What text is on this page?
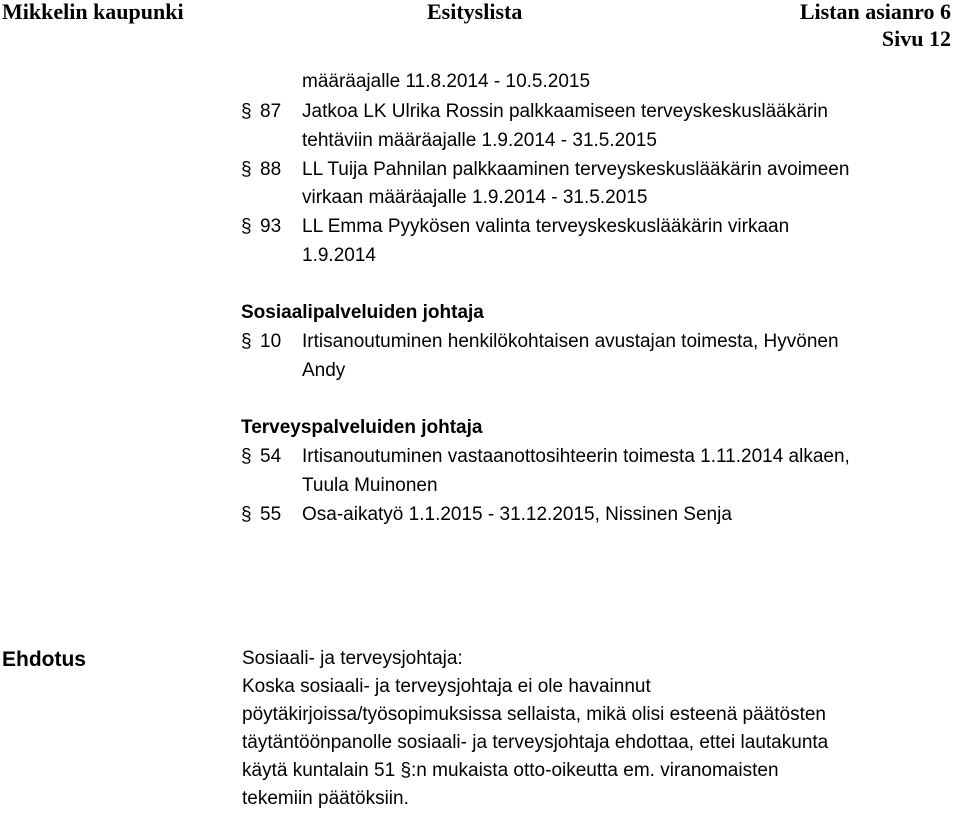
Mikkelin kaupunki	Esityslista	Listan asianro 6
Sivu 12
määräajalle 11.8.2014 - 10.5.2015
§ 87 Jatkoa LK Ulrika Rossin palkkaamiseen terveyskeskuslääkärin
tehtäviin määräajalle 1.9.2014 - 31.5.2015
§ 88 LL Tuija Pahnilan palkkaaminen terveyskeskuslääkärin avoimeen
virkaan määräajalle 1.9.2014 - 31.5.2015
§ 93 LL Emma Pyykösen valinta terveyskeskuslääkärin virkaan
1.9.2014
Sosiaalipalveluiden johtaja
§ 10 Irtisanoutuminen henkilökohtaisen avustajan toimesta, Hyvönen
Andy
Terveyspalveluiden johtaja
§ 54 Irtisanoutuminen vastaanottosihteerin toimesta 1.11.2014 alkaen,
Tuula Muinonen
§ 55 Osa-aikatyö 1.1.2015 - 31.12.2015, Nissinen Senja
Ehdotus	Sosiaali- ja terveysjohtaja:
Koska sosiaali- ja terveysjohtaja ei ole havainnut
pöytäkirjoissa/työsopimuksissa sellaista, mikä olisi esteenä päätösten
täytäntöönpanolle sosiaali- ja terveysjohtaja ehdottaa, ettei lautakunta
käytä kuntalain 51 §:n mukaista otto-oikeutta em. viranomaisten
tekemiin päätöksiin.
